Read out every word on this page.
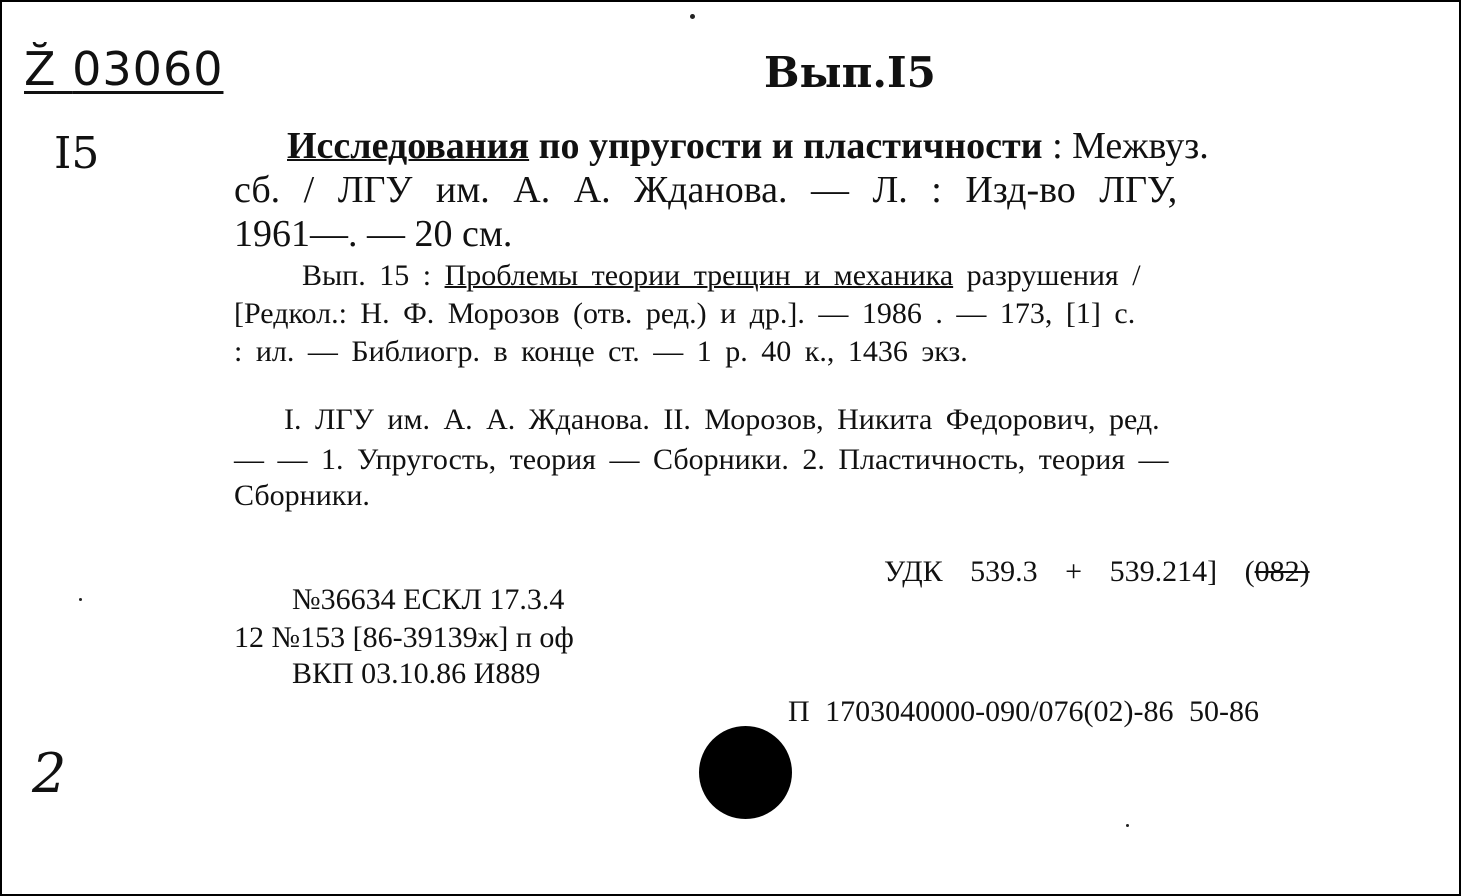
Z̆ 03060	Вып.I5
I5	Исследования по упругости и пластичности : Межвуз.
сб. / ЛГУ им. А. А. Жданова. — Л. : Изд-во ЛГУ,
1961—. — 20 см.
Вып. 15 : Проблемы теории трещин и механика разрушения /
[Редкол.: Н. Ф. Морозов (отв. ред.) и др.]. — 1986 . — 173, [1] с.
: ил. — Библиогр. в конце ст. — 1 р. 40 к., 1436 экз.
I. ЛГУ им. А. А. Жданова. II. Морозов, Никита Федорович, ред.
— — 1. Упругость, теория — Сборники. 2. Пластичность, теория —
Сборники.
УДК 539.3 + 539.214] (082)
№36634 ЕСКЛ 17.3.4
12 №153 [86-39139ж] п оф
ВКП 03.10.86 И889
П 1703040000-090/076(02)-86 50-86
2
